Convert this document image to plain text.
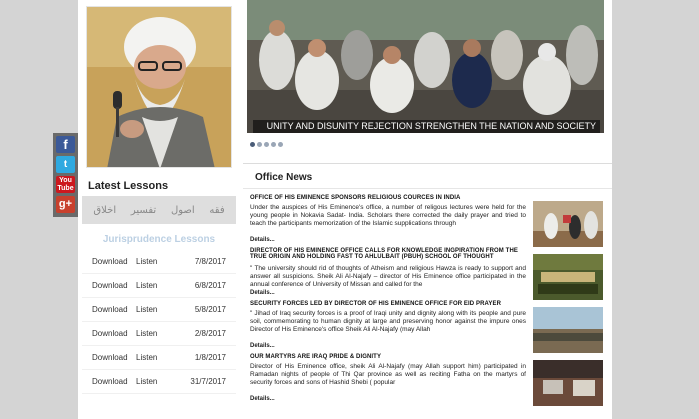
f
t
You Tube
g+
Latest Lessons
فقه
اصول
تفسير
اخلاق
Jurisprudence Lessons
Download	Listen	7/8/2017
Download	Listen	6/8/2017
Download	Listen	5/8/2017
Download	Listen	2/8/2017
Download	Listen	1/8/2017
Download	Listen	31/7/2017
UNITY AND DISUNITY REJECTION STRENGTHEN THE NATION AND SOCIETY
Office News
OFFICE OF HIS EMINENCE SPONSORS RELIGIOUS COURCES IN INDIA
Under the auspices of His Eminence's office, a number of religous lectures were held for the young people in Nokavia Sadat- India. Scholars there corrected the daily prayer and tried to teach the participants memorization of the Islamic supplications through
Details...
DIRECTOR OF HIS EMINENCE OFFICE CALLS FOR KNOWLEDGE INGPIRATION FROM THE TRUE ORIGIN AND HOLDING FAST TO AHLULBAIT (PBUH) SCHOOL OF THOUGHT
" The university should rid of thoughts of Atheism and religious Hawza is ready to support and answer all suspicions. Sheik Ali Al-Najafy – director of His Eminence office participated in the annual conference of University of Missan and called for the
Details...
SECURITY FORCES LED BY DIRECTOR OF HIS EMINENCE OFFICE FOR EID PRAYER
" Jihad of Iraq security forces is a proof of Iraqi unity and dignity along with its people and pure soil, commemorating to human dignity at large and preserving honor against the impure ones Director of His Eminence's office Sheik Ali Al-Najafy (may Allah
Details...
OUR MARTYRS ARE IRAQ PRIDE & DIGNITY
Director of His Eminence office, sheik Ali Al-Najafy (may Allah support him) participated in Ramadan nights of people of Thi Qar province as well as reciting Fatha on the martyrs of security forces and sons of Hashid Shebi ( popular
Details...
